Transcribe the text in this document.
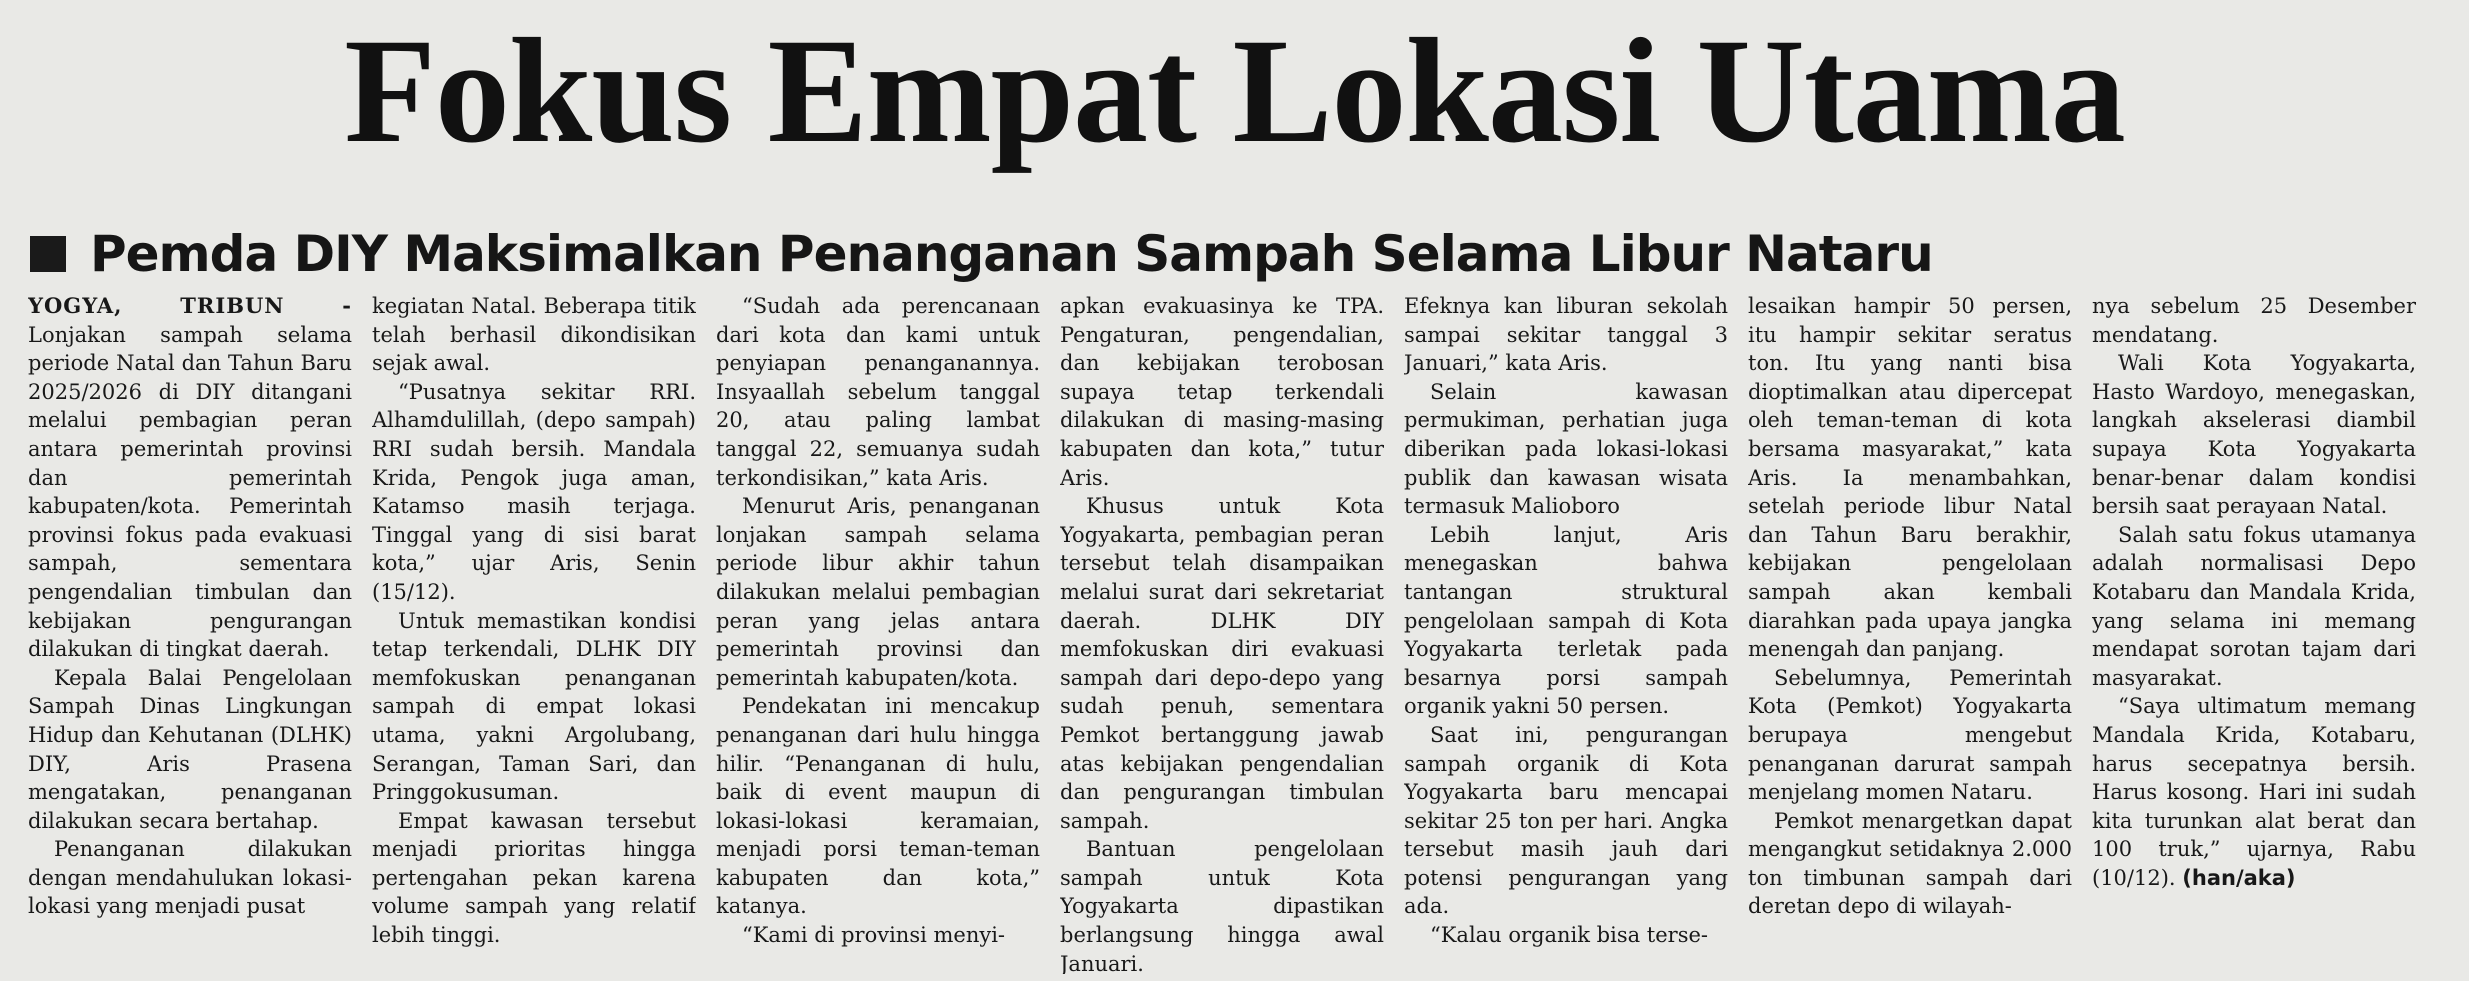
Fokus Empat Lokasi Utama
Pemda DIY Maksimalkan Penanganan Sampah Selama Libur Nataru

YOGYA, TRIBUN - Lonjakan sampah selama periode Natal dan Tahun Baru 2025/2026 di DIY ditangani melalui pembagian peran antara pemerintah provinsi dan pemerintah kabupaten/kota. Pemerintah provinsi fokus pada evakuasi sampah, sementara pengendalian timbulan dan kebijakan pengurangan dilakukan di tingkat daerah.

Kepala Balai Pengelolaan Sampah Dinas Lingkungan Hidup dan Kehutanan (DLHK) DIY, Aris Prasena mengatakan, penanganan dilakukan secara bertahap.

Penanganan dilakukan dengan mendahulukan lokasi-lokasi yang menjadi pusat

kegiatan Natal. Beberapa titik telah berhasil dikondisikan sejak awal.

“Pusatnya sekitar RRI. Alhamdulillah, (depo sampah) RRI sudah bersih. Mandala Krida, Pengok juga aman, Katamso masih terjaga. Tinggal yang di sisi barat kota,” ujar Aris, Senin (15/12).

Untuk memastikan kondisi tetap terkendali, DLHK DIY memfokuskan penanganan sampah di empat lokasi utama, yakni Argolubang, Serangan, Taman Sari, dan Pringgokusuman.

Empat kawasan tersebut menjadi prioritas hingga pertengahan pekan karena volume sampah yang relatif lebih tinggi.

“Sudah ada perencanaan dari kota dan kami untuk penyiapan penanganannya. Insyaallah sebelum tanggal 20, atau paling lambat tanggal 22, semuanya sudah terkondisikan,” kata Aris.

Menurut Aris, penanganan lonjakan sampah selama periode libur akhir tahun dilakukan melalui pembagian peran yang jelas antara pemerintah provinsi dan pemerintah kabupaten/kota.

Pendekatan ini mencakup penanganan dari hulu hingga hilir. “Penanganan di hulu, baik di event maupun di lokasi-lokasi keramaian, menjadi porsi teman-teman kabupaten dan kota,” katanya.

“Kami di provinsi menyi-

apkan evakuasinya ke TPA. Pengaturan, pengendalian, dan kebijakan terobosan supaya tetap terkendali dilakukan di masing-masing kabupaten dan kota,” tutur Aris.

Khusus untuk Kota Yogyakarta, pembagian peran tersebut telah disampaikan melalui surat dari sekretariat daerah. DLHK DIY memfokuskan diri evakuasi sampah dari depo-depo yang sudah penuh, sementara Pemkot bertanggung jawab atas kebijakan pengendalian dan pengurangan timbulan sampah.

Bantuan pengelolaan sampah untuk Kota Yogyakarta dipastikan berlangsung hingga awal Januari.

Efeknya kan liburan sekolah sampai sekitar tanggal 3 Januari,” kata Aris.

Selain kawasan permukiman, perhatian juga diberikan pada lokasi-lokasi publik dan kawasan wisata termasuk Malioboro

Lebih lanjut, Aris menegaskan bahwa tantangan struktural pengelolaan sampah di Kota Yogyakarta terletak pada besarnya porsi sampah organik yakni 50 persen.

Saat ini, pengurangan sampah organik di Kota Yogyakarta baru mencapai sekitar 25 ton per hari. Angka tersebut masih jauh dari potensi pengurangan yang ada.

“Kalau organik bisa terse-

lesaikan hampir 50 persen, itu hampir sekitar seratus ton. Itu yang nanti bisa dioptimalkan atau dipercepat oleh teman-teman di kota bersama masyarakat,” kata Aris. Ia menambahkan, setelah periode libur Natal dan Tahun Baru berakhir, kebijakan pengelolaan sampah akan kembali diarahkan pada upaya jangka menengah dan panjang.

Sebelumnya, Pemerintah Kota (Pemkot) Yogyakarta berupaya mengebut penanganan darurat sampah menjelang momen Nataru.

Pemkot menargetkan dapat mengangkut setidaknya 2.000 ton timbunan sampah dari deretan depo di wilayah-

nya sebelum 25 Desember mendatang.

Wali Kota Yogyakarta, Hasto Wardoyo, menegaskan, langkah akselerasi diambil supaya Kota Yogyakarta benar-benar dalam kondisi bersih saat perayaan Natal.

Salah satu fokus utamanya adalah normalisasi Depo Kotabaru dan Mandala Krida, yang selama ini memang mendapat sorotan tajam dari masyarakat.

“Saya ultimatum memang Mandala Krida, Kotabaru, harus secepatnya bersih. Harus kosong. Hari ini sudah kita turunkan alat berat dan 100 truk,” ujarnya, Rabu (10/12). (han/aka)
